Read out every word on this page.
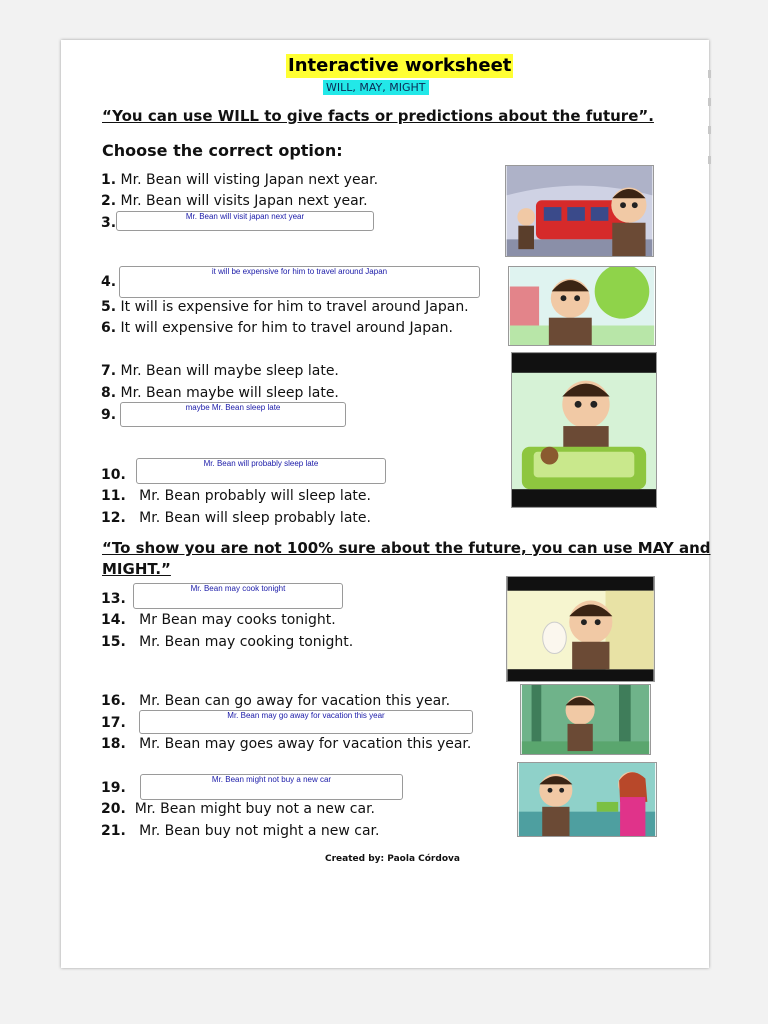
Interactive worksheet
WILL, MAY, MIGHT
“You can use WILL to give facts or predictions about the future”.
Choose the correct option:
1. Mr. Bean will visting Japan next year.
2. Mr. Bean will visits Japan next year.
3.	Mr. Bean will visit japan next year
4.
it will be expensive for him to travel around Japan
5. It will is expensive for him to travel around Japan.
6. It will expensive for him to travel around Japan.
7. Mr. Bean will maybe sleep late.
8. Mr. Bean maybe will sleep late.
9.	maybe Mr. Bean sleep late
10.
Mr. Bean will probably sleep late
11. Mr. Bean probably will sleep late.
12. Mr. Bean will sleep probably late.
“To show you are not 100% sure about the future, you can use MAY and
MIGHT.”
13.
Mr. Bean may cook tonight
14. Mr Bean may cooks tonight.
15. Mr. Bean may cooking tonight.
16. Mr. Bean can go away for vacation this year.
17.	Mr. Bean may go away for vacation this year
18. Mr. Bean may goes away for vacation this year.
19.
Mr. Bean might not buy a new car
20. Mr. Bean might buy not a new car.
21. Mr. Bean buy not might a new car.
Created by: Paola Córdova
